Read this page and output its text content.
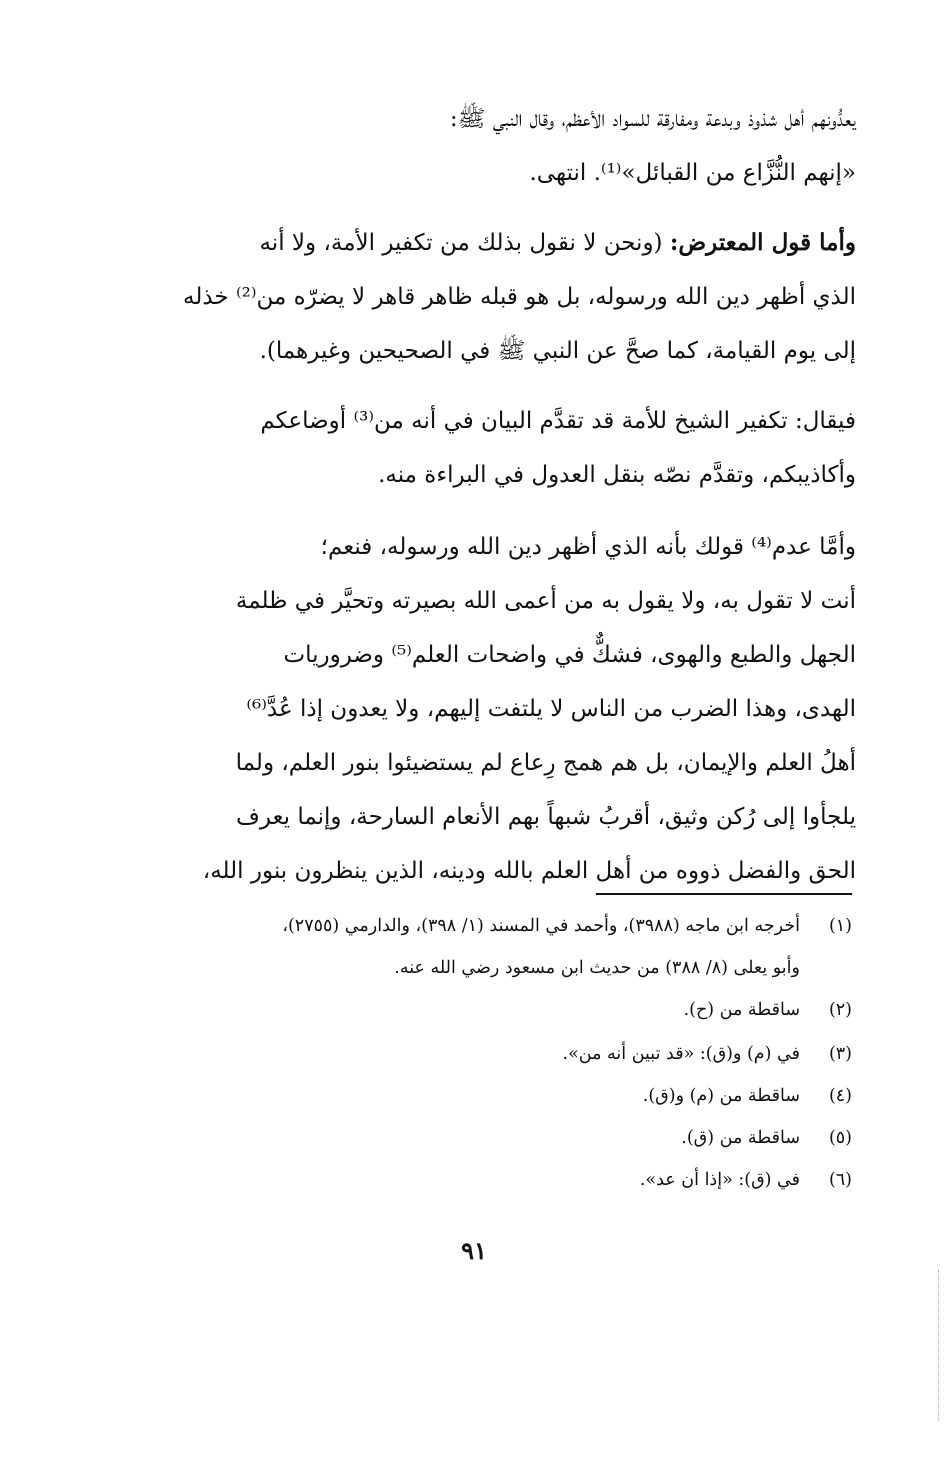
يعدُّونهم أهل شذوذ وبدعة ومفارقة للسواد الأعظم، وقال النبي ﷺ:
«إنهم النُّزَّاع من القبائل»⁽¹⁾. انتهى.

وأما قول المعترض: (ونحن لا نقول بذلك من تكفير الأمة، ولا أنه
الذي أظهر دين الله ورسوله، بل هو قبله ظاهر قاهر لا يضرّه من⁽²⁾ خذله
إلى يوم القيامة، كما صحَّ عن النبي ﷺ في الصحيحين وغيرهما).

فيقال: تكفير الشيخ للأمة قد تقدَّم البيان في أنه من⁽³⁾ أوضاعكم
وأكاذيبكم، وتقدَّم نصّه بنقل العدول في البراءة منه.

وأمَّا عدم⁽⁴⁾ قولك بأنه الذي أظهر دين الله ورسوله، فنعم؛
أنت لا تقول به، ولا يقول به من أعمى الله بصيرته وتحيَّر في ظلمة
الجهل والطبع والهوى، فشكٌّ في واضحات العلم⁽⁵⁾ وضروريات
الهدى، وهذا الضرب من الناس لا يلتفت إليهم، ولا يعدون إذا عُدَّ⁽⁶⁾
أهلُ العلم والإيمان، بل هم همج رِعاع لم يستضيئوا بنور العلم، ولما
يلجأوا إلى رُكن وثيق، أقربُ شبهاً بهم الأنعام السارحة، وإنما يعرف
الحق والفضل ذووه من أهل العلم بالله ودينه، الذين ينظرون بنور الله،

(١)أخرجه ابن ماجه (٣٩٨٨)، وأحمد في المسند (١/ ٣٩٨)، والدارمي (٢٧٥٥)،

وأبو يعلى (٨/ ٣٨٨) من حديث ابن مسعود رضي الله عنه.

(٢)ساقطة من (ح).

(٣)في (م) و(ق): «قد تبين أنه من».

(٤)ساقطة من (م) و(ق).

(٥)ساقطة من (ق).

(٦)في (ق): «إذا أن عد».

٩١
